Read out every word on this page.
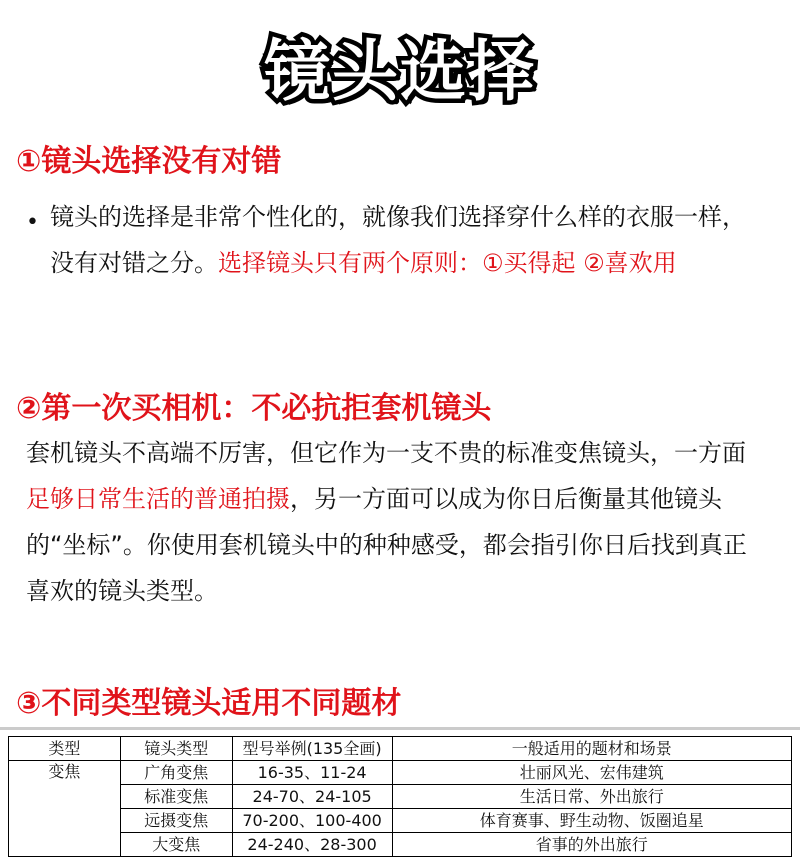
镜头选择
①镜头选择没有对错
• 镜头的选择是非常个性化的，就像我们选择穿什么样的衣服一样，没有对错之分。选择镜头只有两个原则：①买得起 ②喜欢用
②第一次买相机：不必抗拒套机镜头
套机镜头不高端不厉害，但它作为一支不贵的标准变焦镜头，一方面足够日常生活的普通拍摄，另一方面可以成为你日后衡量其他镜头的“坐标”。你使用套机镜头中的种种感受，都会指引你日后找到真正喜欢的镜头类型。
③不同类型镜头适用不同题材
类型	镜头类型	型号举例(135全画)	一般适用的题材和场景
变焦	广角变焦	16-35、11-24	壮丽风光、宏伟建筑
	标准变焦	24-70、24-105	生活日常、外出旅行
	远摄变焦	70-200、100-400	体育赛事、野生动物、饭圈追星
	大变焦	24-240、28-300	省事的外出旅行
